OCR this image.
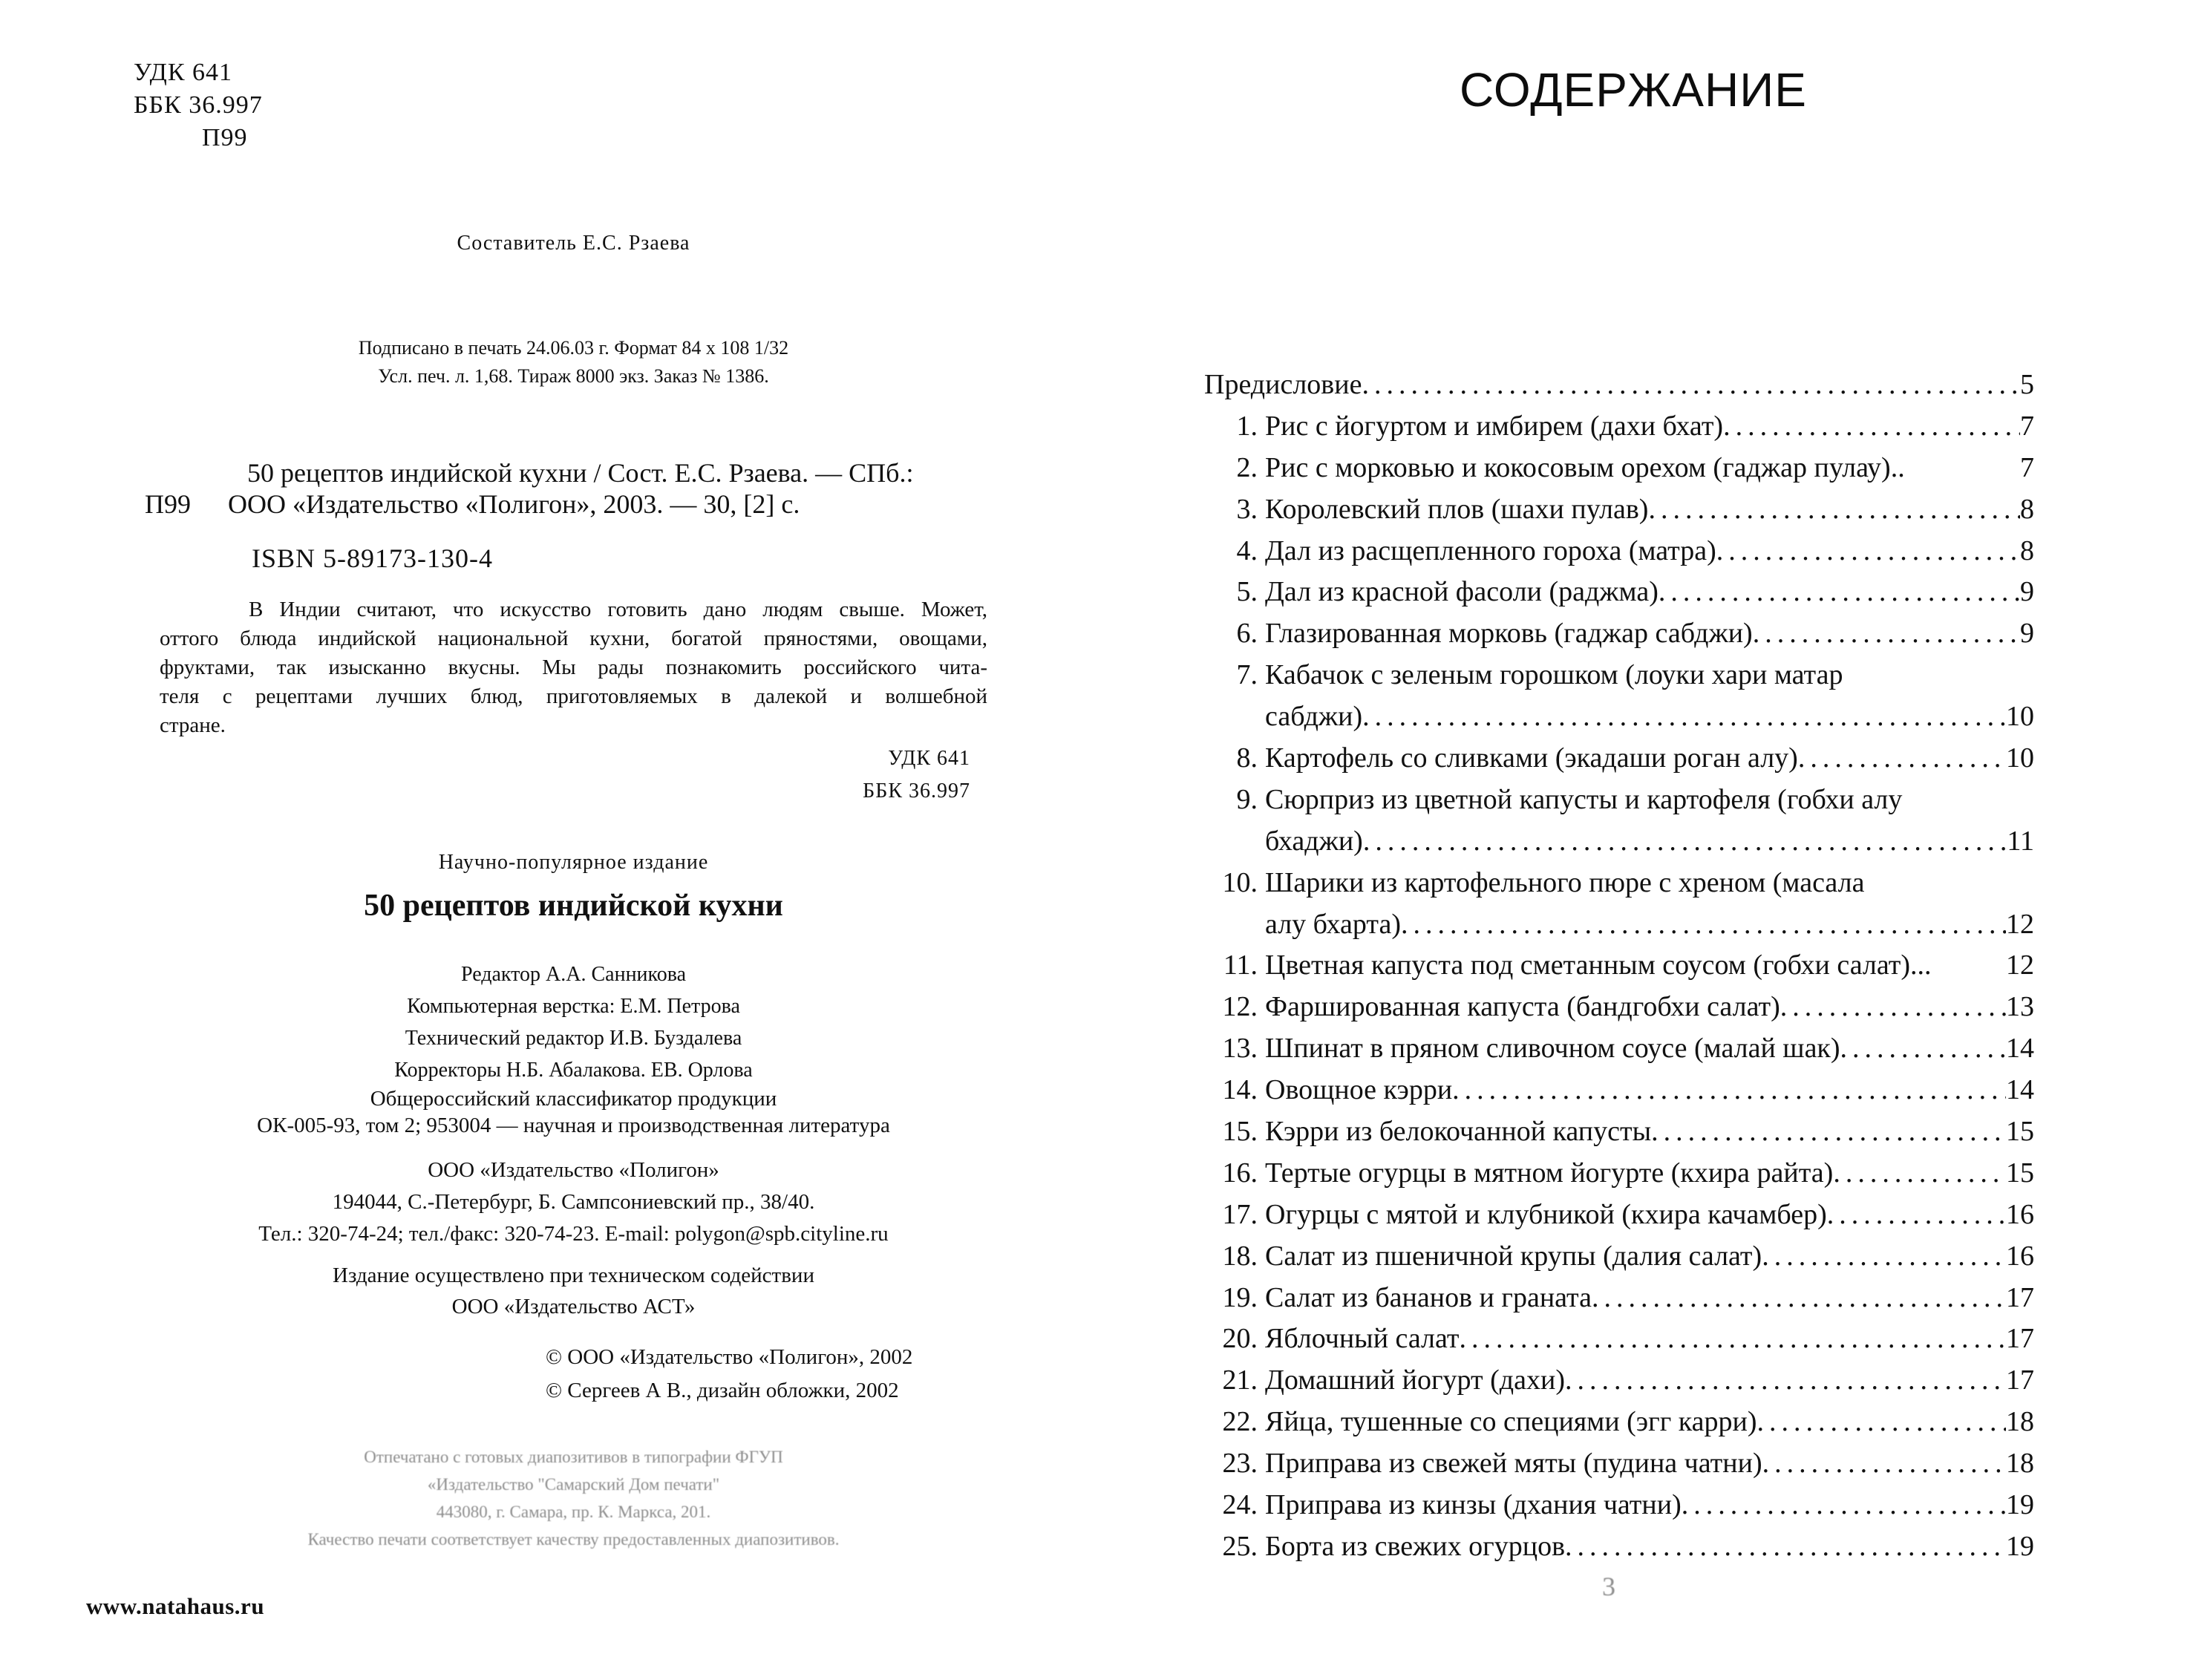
УДК 641
ББК 36.997
П99
Составитель Е.С. Рзаева
Подписано в печать 24.06.03 г. Формат 84 х 108 1/32
Усл. печ. л. 1,68. Тираж 8000 экз. Заказ № 1386.
50 рецептов индийской кухни / Сост. Е.С. Рзаева. — СПб.:
П99 ООО «Издательство «Полигон», 2003. — 30, [2] с.
ISBN 5-89173-130-4
В Индии считают, что искусство готовить дано людям свыше. Может,
оттого блюда индийской национальной кухни, богатой пряностями, овощами,
фруктами, так изысканно вкусны. Мы рады познакомить российского чита-
теля с рецептами лучших блюд, приготовляемых в далекой и волшебной
стране.
УДК 641
ББК 36.997
Научно-популярное издание
50 рецептов индийской кухни
Редактор А.А. Санникова
Компьютерная верстка: Е.М. Петрова
Технический редактор И.В. Буздалева
Корректоры Н.Б. Абалакова. ЕВ. Орлова
Общероссийский классификатор продукции
ОК-005-93, том 2; 953004 — научная и производственная литература
ООО «Издательство «Полигон»
194044, С.-Петербург, Б. Сампсониевский пр., 38/40.
Тел.: 320-74-24; тел./факс: 320-74-23. E-mail: polygon@spb.cityline.ru
Издание осуществлено при техническом содействии
ООО «Издательство АСТ»
© ООО «Издательство «Полигон», 2002
© Сергеев А В., дизайн обложки, 2002
Отпечатано с готовых диапозитивов в типографии ФГУП
«Издательство "Самарский Дом печати"
443080, г. Самара, пр. К. Маркса, 201.
Качество печати соответствует качеству предоставленных диапозитивов.
www.natahaus.ru
СОДЕРЖАНИЕ
Предисловие .....	5
1. Рис с йогуртом и имбирем (дахи бхат) .....	7
2. Рис с морковью и кокосовым орехом (гаджар пулау)..	7
3. Королевский плов (шахи пулав) .....	8
4. Дал из расщепленного гороха (матра) .....	8
5. Дал из красной фасоли (раджма) .....	9
6. Глазированная морковь (гаджар сабджи) .....	9
7. Кабачок с зеленым горошком (лоуки хари матар
сабджи) .....	10
8. Картофель со сливками (экадаши роган алу) .....	10
9. Сюрприз из цветной капусты и картофеля (гобхи алу
бхаджи) .....	11
10. Шарики из картофельного пюре с хреном (масала
алу бхарта) .....	12
11. Цветная капуста под сметанным соусом (гобхи салат)...	12
12. Фаршированная капуста (бандгобхи салат) .....	13
13. Шпинат в пряном сливочном соусе (малай шак) .....	14
14. Овощное кэрри .....	14
15. Кэрри из белокочанной капусты .....	15
16. Тертые огурцы в мятном йогурте (кхира райта) .....	15
17. Огурцы с мятой и клубникой (кхира качамбер) .....	16
18. Салат из пшеничной крупы (далия салат) .....	16
19. Салат из бананов и граната .....	17
20. Яблочный салат .....	17
21. Домашний йогурт (дахи) .....	17
22. Яйца, тушенные со специями (эгг карри) .....	18
23. Приправа из свежей мяты (пудина чатни) .....	18
24. Приправа из кинзы (дхания чатни) .....	19
25. Борта из свежих огурцов .....	19
3
